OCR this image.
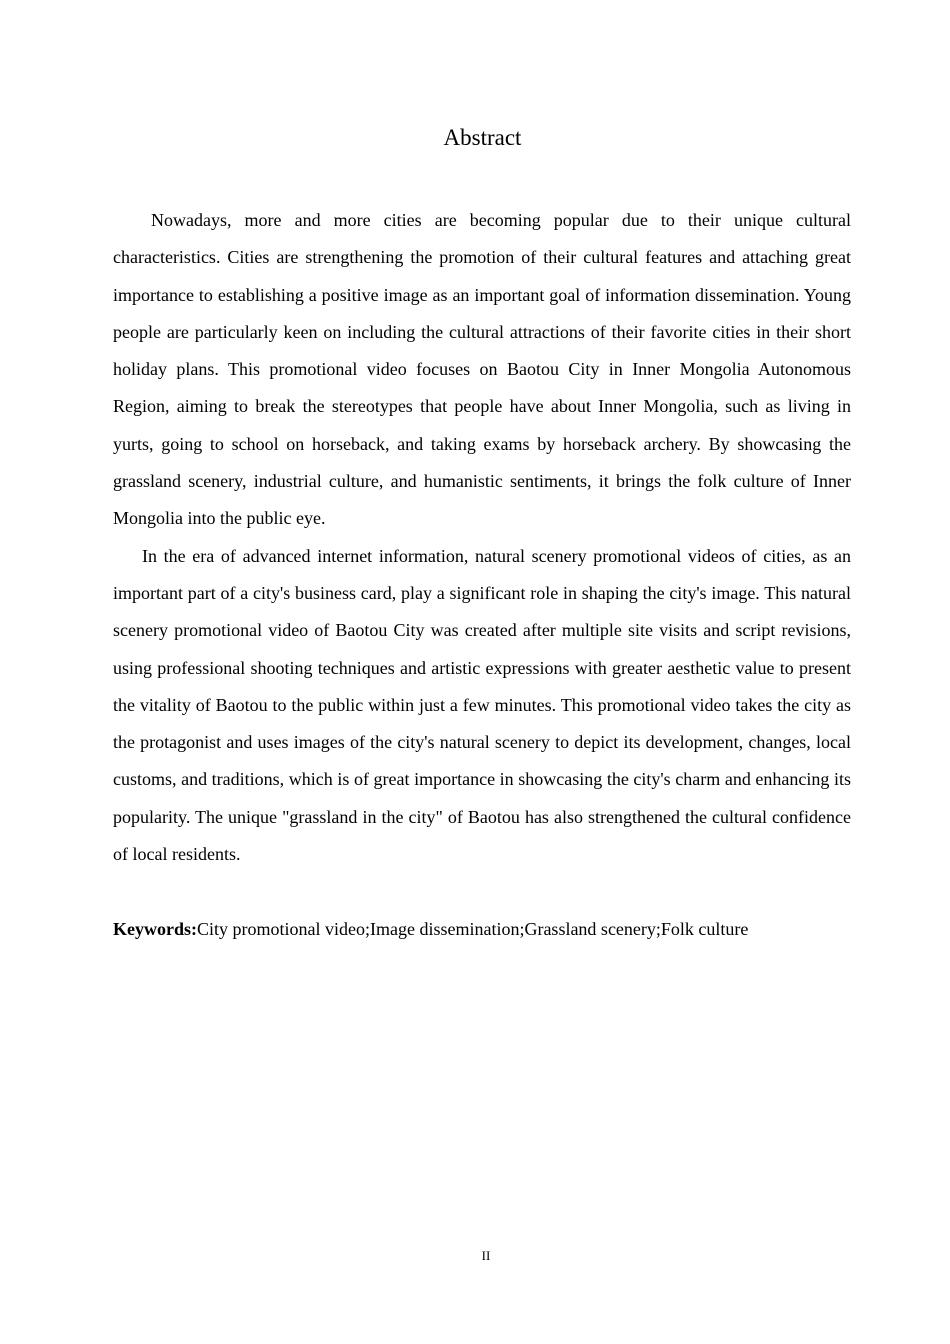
Abstract

Nowadays, more and more cities are becoming popular due to their unique cultural characteristics. Cities are strengthening the promotion of their cultural features and attaching great importance to establishing a positive image as an important goal of information dissemination. Young people are particularly keen on including the cultural attractions of their favorite cities in their short holiday plans. This promotional video focuses on Baotou City in Inner Mongolia Autonomous Region, aiming to break the stereotypes that people have about Inner Mongolia, such as living in yurts, going to school on horseback, and taking exams by horseback archery. By showcasing the grassland scenery, industrial culture, and humanistic sentiments, it brings the folk culture of Inner Mongolia into the public eye.

In the era of advanced internet information, natural scenery promotional videos of cities, as an important part of a city's business card, play a significant role in shaping the city's image. This natural scenery promotional video of Baotou City was created after multiple site visits and script revisions, using professional shooting techniques and artistic expressions with greater aesthetic value to present the vitality of Baotou to the public within just a few minutes. This promotional video takes the city as the protagonist and uses images of the city's natural scenery to depict its development, changes, local customs, and traditions, which is of great importance in showcasing the city's charm and enhancing its popularity. The unique "grassland in the city" of Baotou has also strengthened the cultural confidence of local residents.

Keywords:City promotional video;Image dissemination;Grassland scenery;Folk culture

II
